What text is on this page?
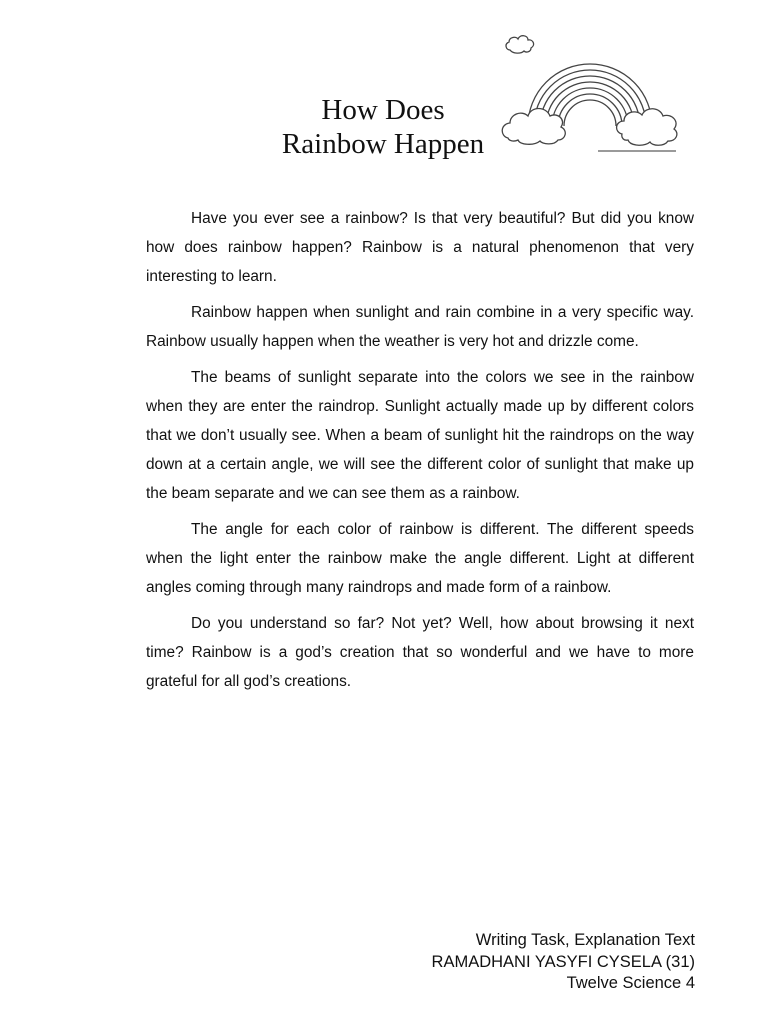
How Does
Rainbow Happen

Have you ever see a rainbow? Is that very beautiful? But did you know how does rainbow happen? Rainbow is a natural phenomenon that very interesting to learn.

Rainbow happen when sunlight and rain combine in a very specific way. Rainbow usually happen when the weather is very hot and drizzle come.

The beams of sunlight separate into the colors we see in the rainbow when they are enter the raindrop. Sunlight actually made up by different colors that we don’t usually see. When a beam of sunlight hit the raindrops on the way down at a certain angle, we will see the different color of sunlight that make up the beam separate and we can see them as a rainbow.

The angle for each color of rainbow is different. The different speeds when the light enter the rainbow make the angle different. Light at different angles coming through many raindrops and made form of a rainbow.

Do you understand so far? Not yet? Well, how about browsing it next time? Rainbow is a god’s creation that so wonderful and we have to more grateful for all god’s creations.

Writing Task, Explanation Text
RAMADHANI YASYFI CYSELA (31)
Twelve Science 4
